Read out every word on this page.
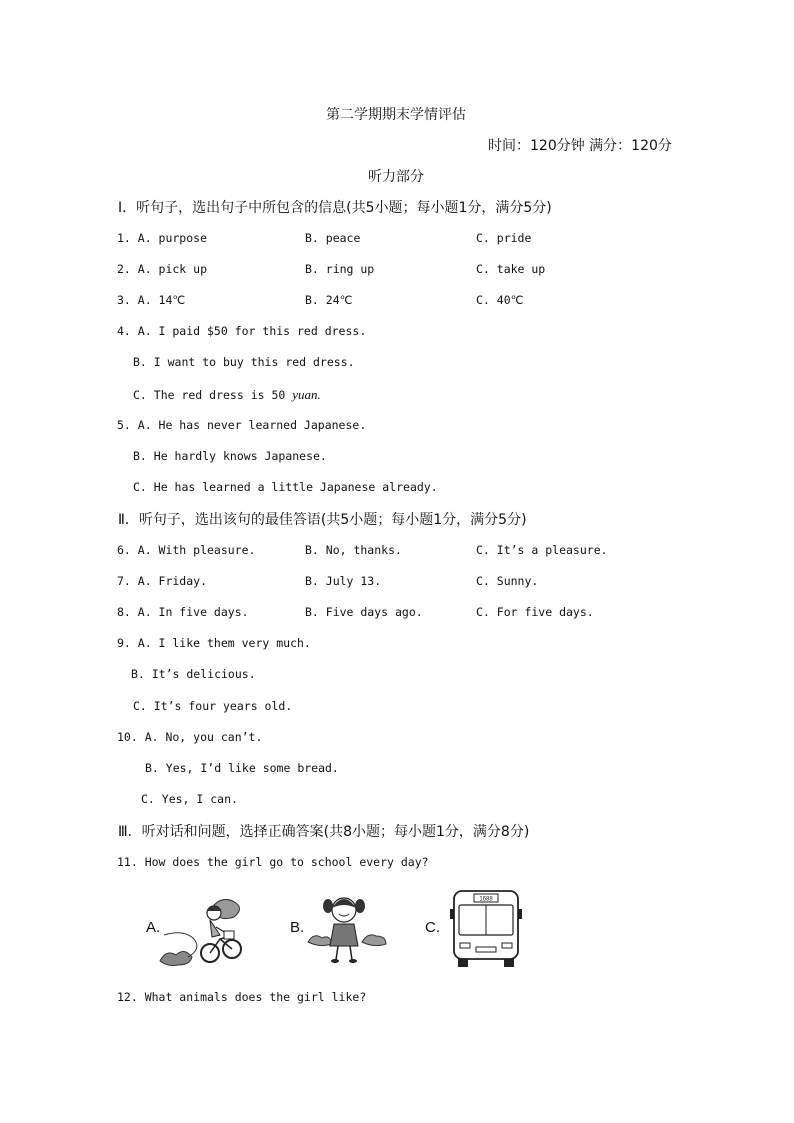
第二学期期末学情评估
时间：120分钟 满分：120分
听力部分
Ⅰ．听句子，选出句子中所包含的信息(共5小题；每小题1分，满分5分)
1. A. purpose	B. peace	C. pride
2. A. pick up	B. ring up	C. take up
3. A. 14℃	B. 24℃	C. 40℃
4. A. I paid $50 for this red dress.
B. I want to buy this red dress.
C. The red dress is 50 yuan.
5. A. He has never learned Japanese.
B. He hardly knows Japanese.
C. He has learned a little Japanese already.
Ⅱ．听句子，选出该句的最佳答语(共5小题；每小题1分，满分5分)
6. A. With pleasure.	B. No, thanks.	C. It’s a pleasure.
7. A. Friday.	B. July 13.	C. Sunny.
8. A. In five days.	B. Five days ago.	C. For five days.
9. A. I like them very much.
B. It’s delicious.
C. It’s four years old.
10. A. No, you can’t.
B. Yes, I’d like some bread.
C. Yes, I can.
Ⅲ．听对话和问题，选择正确答案(共8小题；每小题1分，满分8分)
11. How does the girl go to school every day?
A.	B.	C.
1688
12. What animals does the girl like?
